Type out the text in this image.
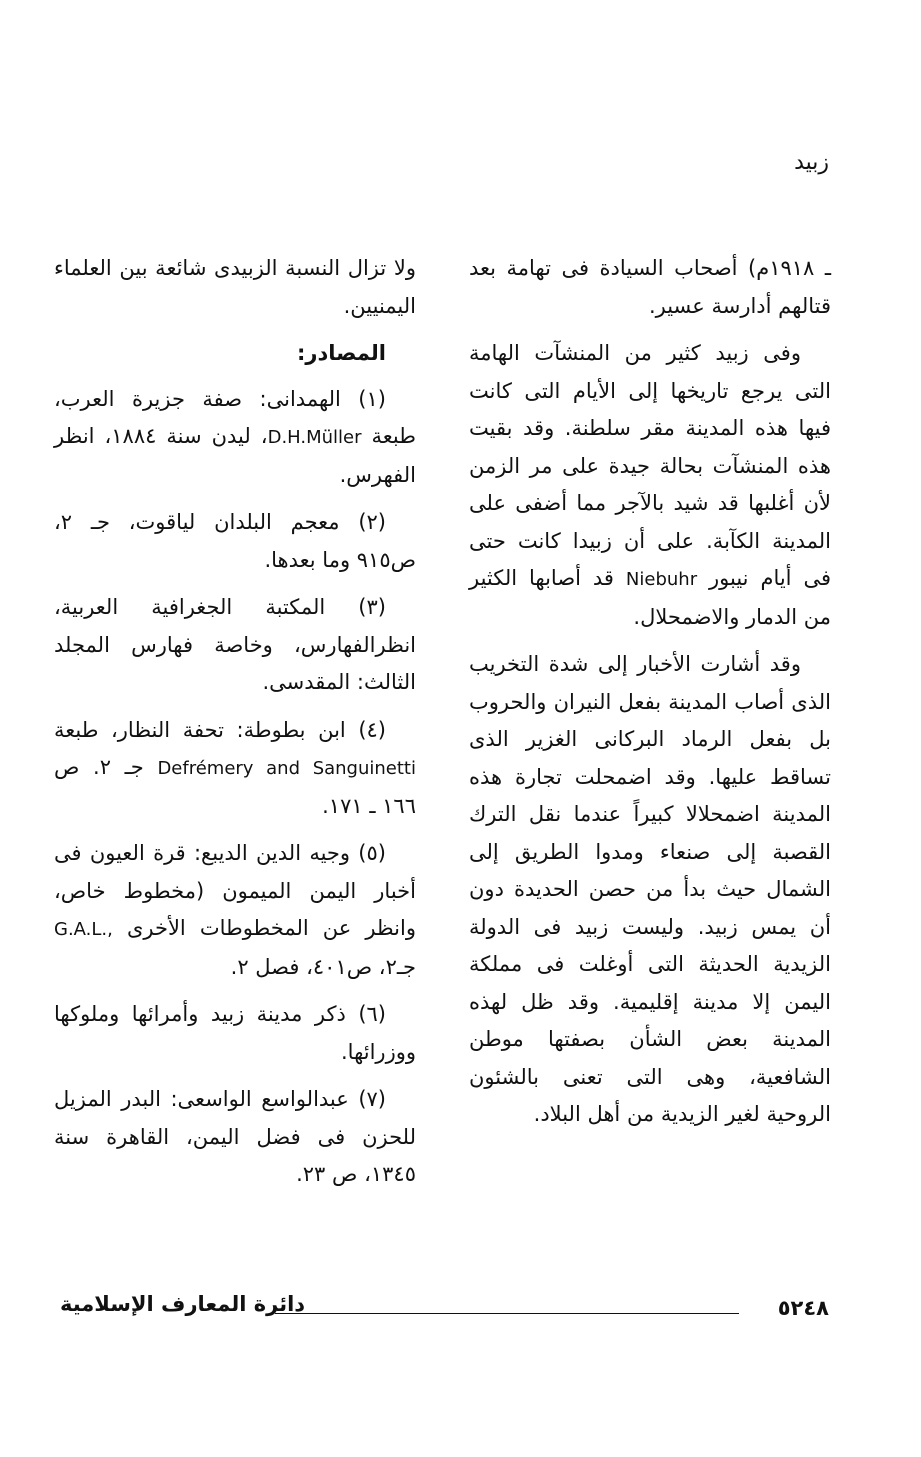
زبيد

ـ ١٩١٨م) أصحاب السيادة فى تهامة بعد قتالهم أدارسة عسير.

وفى زبيد كثير من المنشآت الهامة التى يرجع تاريخها إلى الأيام التى كانت فيها هذه المدينة مقر سلطنة. وقد بقيت هذه المنشآت بحالة جيدة على مر الزمن لأن أغلبها قد شيد بالآجر مما أضفى على المدينة الكآبة. على أن زبيدا كانت حتى فى أيام نيبور Niebuhr قد أصابها الكثير من الدمار والاضمحلال.

وقد أشارت الأخبار إلى شدة التخريب الذى أصاب المدينة بفعل النيران والحروب بل بفعل الرماد البركانى الغزير الذى تساقط عليها. وقد اضمحلت تجارة هذه المدينة اضمحلالا كبيراً عندما نقل الترك القصبة إلى صنعاء ومدوا الطريق إلى الشمال حيث بدأ من حصن الحديدة دون أن يمس زبيد. وليست زبيد فى الدولة الزيدية الحديثة التى أوغلت فى مملكة اليمن إلا مدينة إقليمية. وقد ظل لهذه المدينة بعض الشأن بصفتها موطن الشافعية، وهى التى تعنى بالشئون الروحية لغير الزيدية من أهل البلاد.

ولا تزال النسبة الزبيدى شائعة بين العلماء اليمنيين.

المصادر:

(١) الهمدانى: صفة جزيرة العرب، طبعة D.H.Müller، ليدن سنة ١٨٨٤، انظر الفهرس.

(٢) معجم البلدان لياقوت، جـ ٢، ص٩١٥ وما بعدها.

(٣) المكتبة الجغرافية العربية، انظرالفهارس، وخاصة فهارس المجلد الثالث: المقدسى.

(٤) ابن بطوطة: تحفة النظار، طبعة Defrémery and Sanguinetti جـ ٢. ص ١٦٦ ـ ١٧١.

(٥) وجيه الدين الديبع: قرة العيون فى أخبار اليمن الميمون (مخطوط خاص، وانظر عن المخطوطات الأخرى G.A.L., جـ٢، ص٤٠١، فصل ٢.

(٦) ذكر مدينة زبيد وأمرائها وملوكها ووزرائها.

(٧) عبدالواسع الواسعى: البدر المزيل للحزن فى فضل اليمن، القاهرة سنة ١٣٤٥، ص ٢٣.

دائرة المعارف الإسلامية	٥٢٤٨
